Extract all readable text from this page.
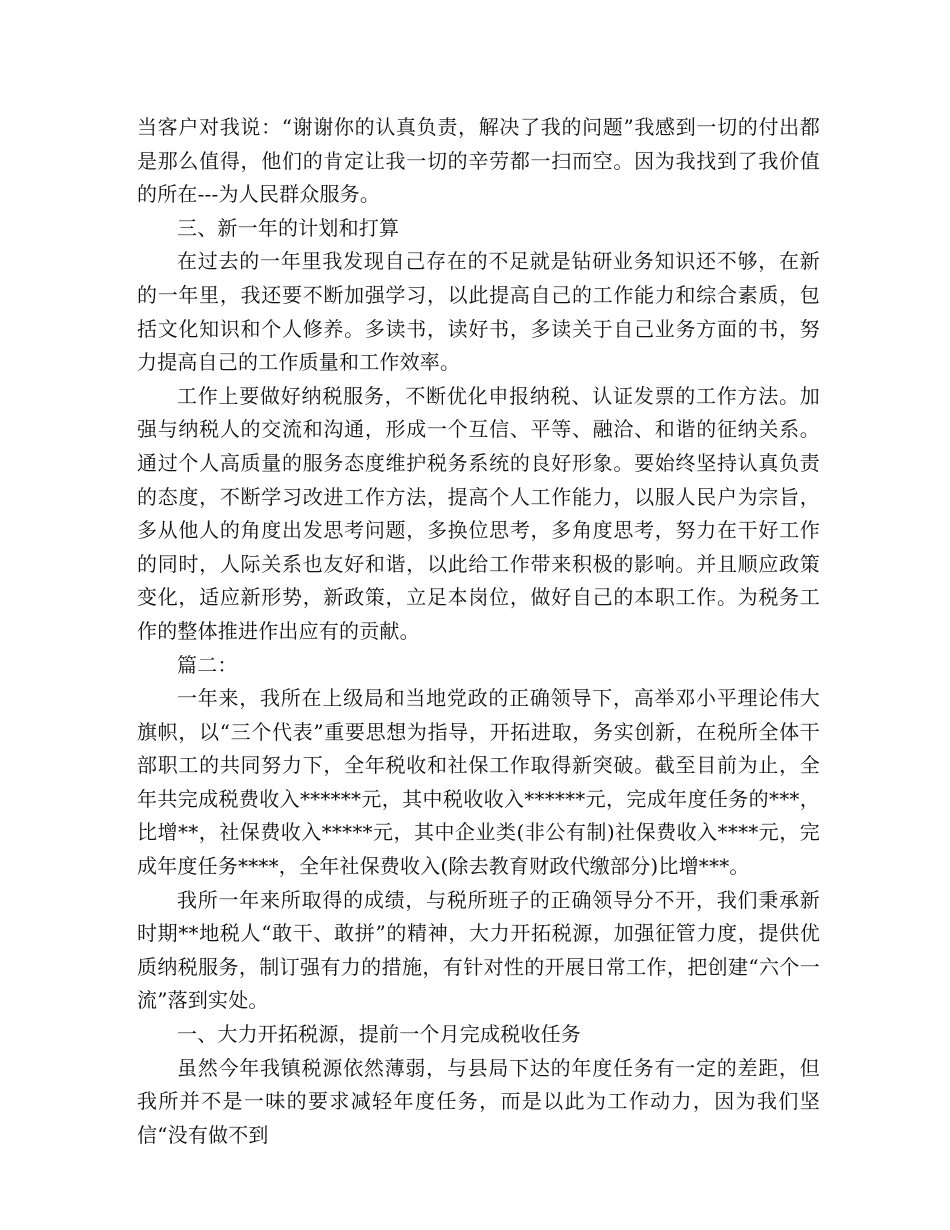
当客户对我说：“谢谢你的认真负责，解决了我的问题”我感到一切的付出都是那么值得，他们的肯定让我一切的辛劳都一扫而空。因为我找到了我价值的所在---为人民群众服务。

三、新一年的计划和打算

在过去的一年里我发现自己存在的不足就是钻研业务知识还不够，在新的一年里，我还要不断加强学习，以此提高自己的工作能力和综合素质，包括文化知识和个人修养。多读书，读好书，多读关于自己业务方面的书，努力提高自己的工作质量和工作效率。

工作上要做好纳税服务，不断优化申报纳税、认证发票的工作方法。加强与纳税人的交流和沟通，形成一个互信、平等、融洽、和谐的征纳关系。通过个人高质量的服务态度维护税务系统的良好形象。要始终坚持认真负责的态度，不断学习改进工作方法，提高个人工作能力，以服人民户为宗旨，多从他人的角度出发思考问题，多换位思考，多角度思考，努力在干好工作的同时，人际关系也友好和谐，以此给工作带来积极的影响。并且顺应政策变化，适应新形势，新政策，立足本岗位，做好自己的本职工作。为税务工作的整体推进作出应有的贡献。

篇二：

一年来，我所在上级局和当地党政的正确领导下，高举邓小平理论伟大旗帜，以“三个代表”重要思想为指导，开拓进取，务实创新，在税所全体干部职工的共同努力下，全年税收和社保工作取得新突破。截至目前为止，全年共完成税费收入******元，其中税收收入******元，完成年度任务的***，比增**，社保费收入*****元，其中企业类(非公有制)社保费收入****元，完成年度任务****，全年社保费收入(除去教育财政代缴部分)比增***。

我所一年来所取得的成绩，与税所班子的正确领导分不开，我们秉承新时期**地税人“敢干、敢拼”的精神，大力开拓税源，加强征管力度，提供优质纳税服务，制订强有力的措施，有针对性的开展日常工作，把创建“六个一流”落到实处。

一、大力开拓税源，提前一个月完成税收任务

虽然今年我镇税源依然薄弱，与县局下达的年度任务有一定的差距，但我所并不是一味的要求减轻年度任务，而是以此为工作动力，因为我们坚信“没有做不到
